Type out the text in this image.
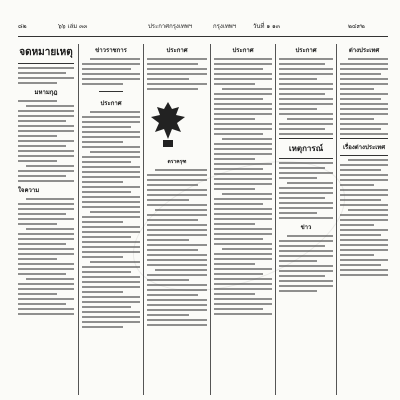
๘๒	๖๖ เล่ม ๓๓	ประกาศกรุงเทพฯ	กรุงเทพฯ	วันที่ ๑ ๑๓	๒๔๙๒
จดหมายเหตุ
มหามกุฎ
ใจความ
ข่าวราชการ
ประกาศ
ประกาศ
ตราครุฑ
ประกาศ	ประกาศ
เหตุการณ์
ข่าว
ต่างประเทศ
เรื่องต่างประเทศ
